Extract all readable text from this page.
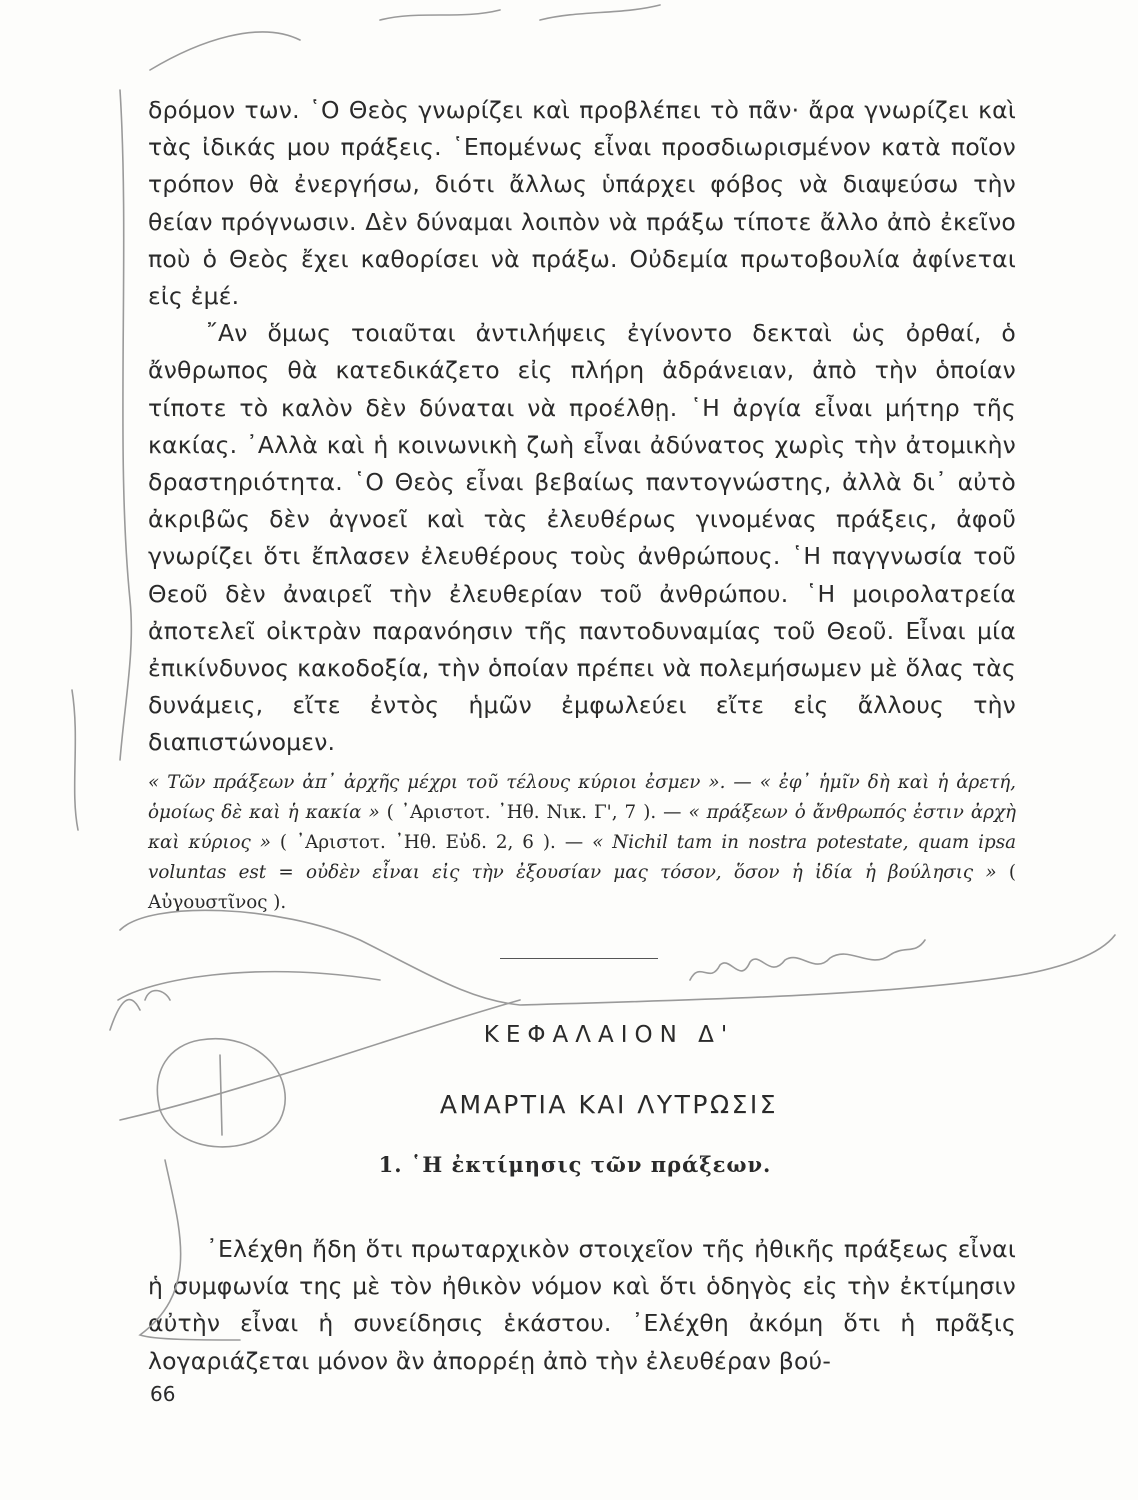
δρόμον των. ῾Ο Θεὸς γνωρίζει καὶ προβλέπει τὸ πᾶν· ἄρα γνωρίζει καὶ τὰς ἰδικάς μου πράξεις. ῾Επομένως εἶναι προσδιωρισμένον κατὰ ποῖον τρόπον θὰ ἐνεργήσω, διότι ἄλλως ὑπάρχει φόβος νὰ διαψεύσω τὴν θείαν πρόγνωσιν. Δὲν δύναμαι λοιπὸν νὰ πράξω τίποτε ἄλλο ἀπὸ ἐκεῖνο ποὺ ὁ Θεὸς ἔχει καθορίσει νὰ πράξω. Οὐδεμία πρωτοβουλία ἀφίνεται εἰς ἐμέ.

῎Αν ὅμως τοιαῦται ἀντιλήψεις ἐγίνοντο δεκταὶ ὡς ὀρθαί, ὁ ἄνθρωπος θὰ κατεδικάζετο εἰς πλήρη ἀδράνειαν, ἀπὸ τὴν ὁποίαν τίποτε τὸ καλὸν δὲν δύναται νὰ προέλθῃ. ῾Η ἀργία εἶναι μήτηρ τῆς κακίας. ᾿Αλλὰ καὶ ἡ κοινωνικὴ ζωὴ εἶναι ἀδύνατος χωρὶς τὴν ἀτομικὴν δραστηριότητα. ῾Ο Θεὸς εἶναι βεβαίως παντογνώστης, ἀλλὰ δι᾿ αὐτὸ ἀκριβῶς δὲν ἀγνοεῖ καὶ τὰς ἐλευθέρως γινομένας πράξεις, ἀφοῦ γνωρίζει ὅτι ἔπλασεν ἐλευθέρους τοὺς ἀνθρώπους. ῾Η παγγνωσία τοῦ Θεοῦ δὲν ἀναιρεῖ τὴν ἐλευθερίαν τοῦ ἀνθρώπου. ῾Η μοιρολατρεία ἀποτελεῖ οἰκτρὰν παρανόησιν τῆς παντοδυναμίας τοῦ Θεοῦ. Εἶναι μία ἐπικίνδυνος κακοδοξία, τὴν ὁποίαν πρέπει νὰ πολεμήσωμεν μὲ ὅλας τὰς δυνάμεις, εἴτε ἐντὸς ἡμῶν ἐμφωλεύει εἴτε εἰς ἄλλους τὴν διαπιστώνομεν.

« Τῶν πράξεων ἀπ᾿ ἀρχῆς μέχρι τοῦ τέλους κύριοι ἐσμεν ». — « ἐφ᾿ ἡμῖν δὴ καὶ ἡ ἀρετή, ὁμοίως δὲ καὶ ἡ κακία » ( ᾿Αριστοτ. ᾿Ηθ. Νικ. Γ', 7 ). — « πράξεων ὁ ἄνθρωπός ἐστιν ἀρχὴ καὶ κύριος » ( ᾿Αριστοτ. ᾿Ηθ. Εὐδ. 2, 6 ). — « Nichil tam in nostra potestate, quam ipsa voluntas est = οὐδὲν εἶναι εἰς τὴν ἐξουσίαν μας τόσον, ὅσον ἡ ἰδία ἡ βούλησις » ( Αὐγουστῖνος ).

ΚΕΦΑΛΑΙΟΝ Δ'
ΑΜΑΡΤΙΑ ΚΑΙ ΛΥΤΡΩΣΙΣ
1. ῾Η ἐκτίμησις τῶν πράξεων.

᾿Ελέχθη ἤδη ὅτι πρωταρχικὸν στοιχεῖον τῆς ἠθικῆς πράξεως εἶναι ἡ συμφωνία της μὲ τὸν ἠθικὸν νόμον καὶ ὅτι ὁδηγὸς εἰς τὴν ἐκτίμησιν αὐτὴν εἶναι ἡ συνείδησις ἑκάστου. ᾿Ελέχθη ἀκόμη ὅτι ἡ πρᾶξις λογαριάζεται μόνον ἂν ἀπορρέῃ ἀπὸ τὴν ἐλευθέραν βού-

66
